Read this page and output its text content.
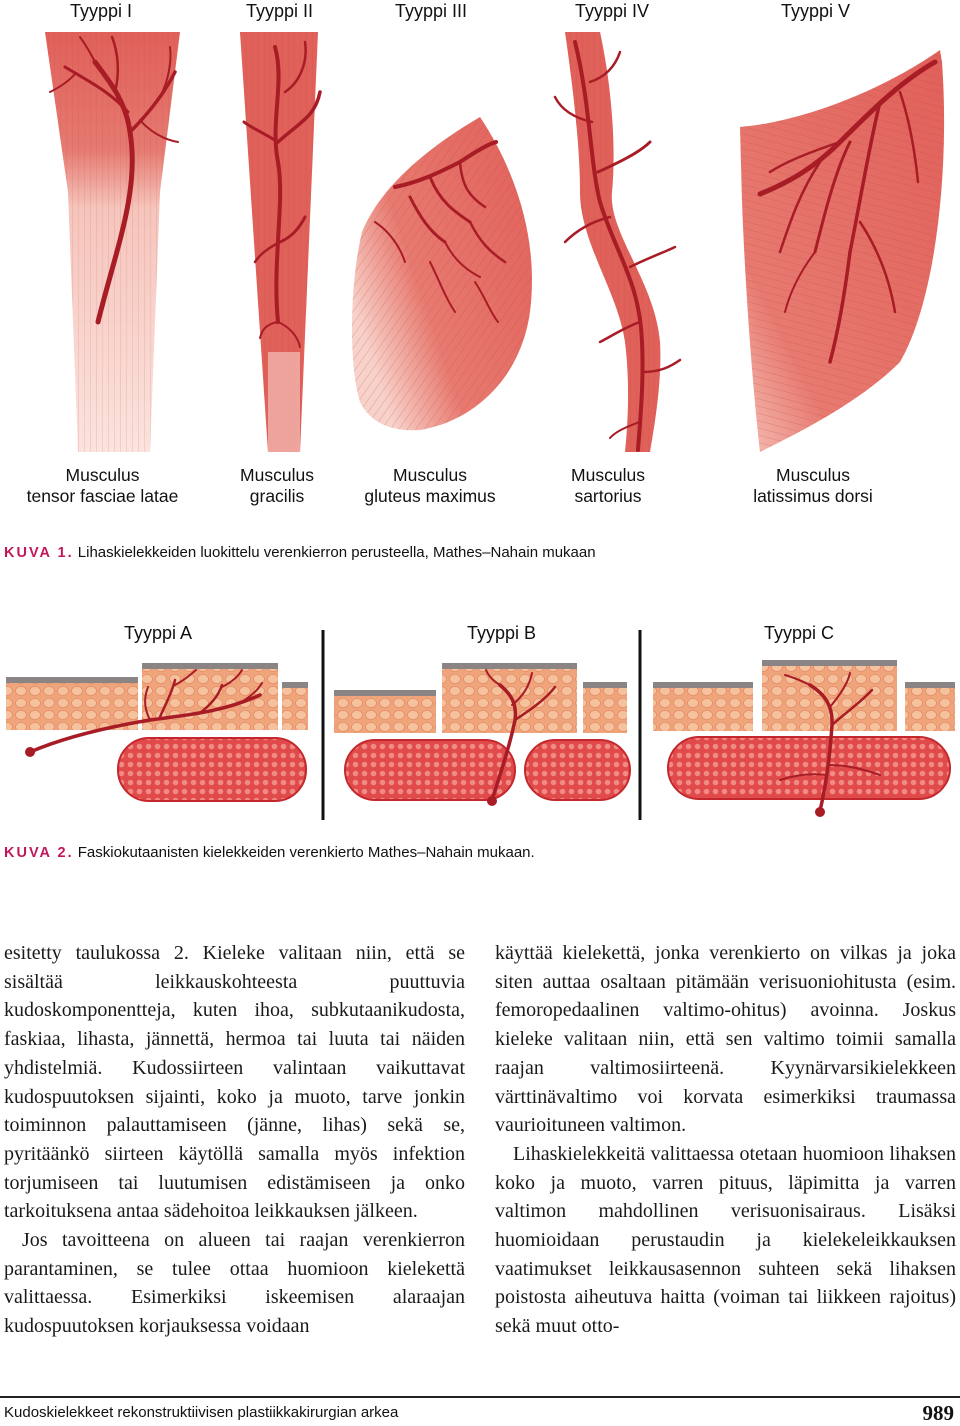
Tyyppi I	Tyyppi II	Tyyppi III	Tyyppi IV	Tyyppi V
Musculus
tensor fasciae latae
Musculus
gracilis
Musculus
gluteus maximus
Musculus
sartorius
Musculus
latissimus dorsi
KUVA 1. Lihaskielekkeiden luokittelu verenkierron perusteella, Mathes–Nahain mukaan
Tyyppi A	Tyyppi B	Tyyppi C
KUVA 2. Faskiokutaanisten kielekkeiden verenkierto Mathes–Nahain mukaan.

esitetty taulukossa 2. Kieleke valitaan niin, että se sisältää leikkauskohteesta puuttuvia kudoskomponentteja, kuten ihoa, subkutaanikudosta, faskiaa, lihasta, jännettä, hermoa tai luuta tai näiden yhdistelmiä. Kudossiirteen valintaan vaikuttavat kudospuutoksen sijainti, koko ja muoto, tarve jonkin toiminnon palauttamiseen (jänne, lihas) sekä se, pyritäänkö siirteen käytöllä samalla myös infektion torjumiseen tai luutumisen edistämiseen ja onko tarkoituksena antaa sädehoitoa leikkauksen jälkeen.

Jos tavoitteena on alueen tai raajan verenkierron parantaminen, se tulee ottaa huomioon kielekettä valittaessa. Esimerkiksi iskeemisen alaraajan kudospuutoksen korjauksessa voidaan

käyttää kielekettä, jonka verenkierto on vilkas ja joka siten auttaa osaltaan pitämään verisuoniohitusta (esim. femoropedaalinen valtimo-ohitus) avoinna. Joskus kieleke valitaan niin, että sen valtimo toimii samalla raajan valtimosiirteenä. Kyynärvarsikielekkeen värttinävaltimo voi korvata esimerkiksi traumassa vaurioituneen valtimon.

Lihaskielekkeitä valittaessa otetaan huomioon lihaksen koko ja muoto, varren pituus, läpimitta ja varren valtimon mahdollinen verisuonisairaus. Lisäksi huomioidaan perustaudin ja kielekeleikkauksen vaatimukset leikkausasennon suhteen sekä lihaksen poistosta aiheutuva haitta (voiman tai liikkeen rajoitus) sekä muut otto-

Kudoskielekkeet rekonstruktiivisen plastiikkakirurgian arkea	989
